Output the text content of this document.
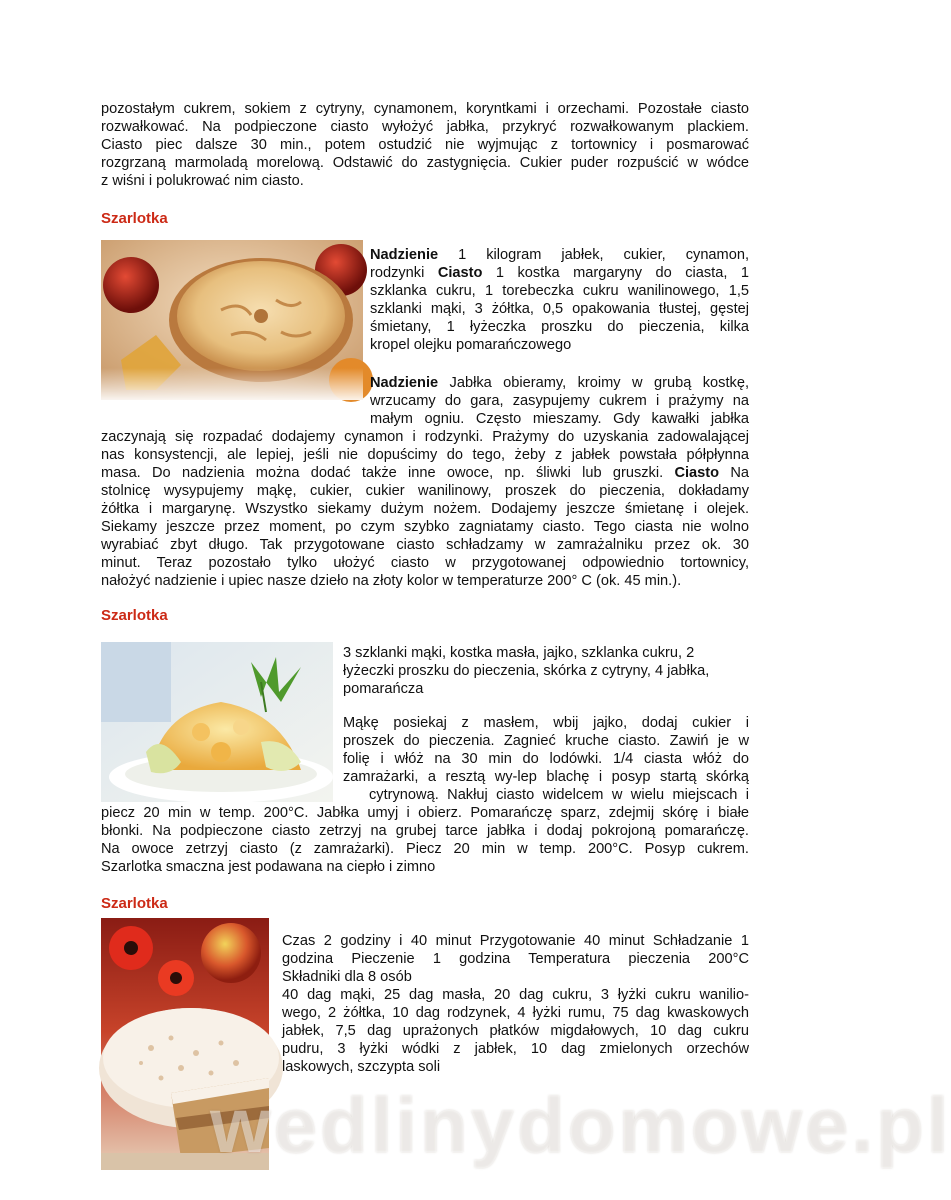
pozostałym cukrem, sokiem z cytryny, cynamonem, koryntkami i orzechami. Pozostałe ciasto
rozwałkować. Na podpieczone ciasto wyłożyć jabłka, przykryć rozwałkowanym plackiem.
Ciasto piec dalsze 30 min., potem ostudzić nie wyjmując z tortownicy i posmarować
rozgrzaną marmoladą morelową. Odstawić do zastygnięcia. Cukier puder rozpuścić w wódce
z wiśni i polukrować nim ciasto.
Szarlotka
Nadzienie 1 kilogram jabłek, cukier, cynamon,
rodzynki Ciasto 1 kostka margaryny do ciasta, 1
szklanka cukru, 1 torebeczka cukru wanilinowego, 1,5
szklanki mąki, 3 żółtka, 0,5 opakowania tłustej, gęstej
śmietany, 1 łyżeczka proszku do pieczenia, kilka
kropel olejku pomarańczowego
Nadzienie Jabłka obieramy, kroimy w grubą kostkę,
wrzucamy do gara, zasypujemy cukrem i prażymy na
małym ogniu. Często mieszamy. Gdy kawałki jabłka
zaczynają się rozpadać dodajemy cynamon i rodzynki. Prażymy do uzyskania zadowalającej
nas konsystencji, ale lepiej, jeśli nie dopuścimy do tego, żeby z jabłek powstała półpłynna
masa. Do nadzienia można dodać także inne owoce, np. śliwki lub gruszki. Ciasto Na
stolnicę wysypujemy mąkę, cukier, cukier wanilinowy, proszek do pieczenia, dokładamy
żółtka i margarynę. Wszystko siekamy dużym nożem. Dodajemy jeszcze śmietanę i olejek.
Siekamy jeszcze przez moment, po czym szybko zagniatamy ciasto. Tego ciasta nie wolno
wyrabiać zbyt długo. Tak przygotowane ciasto schładzamy w zamrażalniku przez ok. 30
minut. Teraz pozostało tylko ułożyć ciasto w przygotowanej odpowiednio tortownicy,
nałożyć nadzienie i upiec nasze dzieło na złoty kolor w temperaturze 200° C (ok. 45 min.).
Szarlotka
3 szklanki mąki, kostka masła, jajko, szklanka cukru, 2
łyżeczki proszku do pieczenia, skórka z cytryny, 4 jabłka,
pomarańcza
Mąkę posiekaj z masłem, wbij jajko, dodaj cukier i
proszek do pieczenia. Zagnieć kruche ciasto. Zawiń je w
folię i włóż na 30 min do lodówki. 1/4 ciasta włóż do
zamrażarki, a resztą wy-lep blachę i posyp startą skórką
cytrynową. Nakłuj ciasto widelcem w wielu miejscach i
piecz 20 min w temp. 200°C. Jabłka umyj i obierz. Pomarańczę sparz, zdejmij skórę i białe
błonki. Na podpieczone ciasto zetrzyj na grubej tarce jabłka i dodaj pokrojoną pomarańczę.
Na owoce zetrzyj ciasto (z zamrażarki). Piecz 20 min w temp. 200°C. Posyp cukrem.
Szarlotka smaczna jest podawana na ciepło i zimno
Szarlotka
Czas 2 godziny i 40 minut Przygotowanie 40 minut Schładzanie 1
godzina Pieczenie 1 godzina Temperatura pieczenia 200°C
Składniki dla 8 osób
40 dag mąki, 25 dag masła, 20 dag cukru, 3 łyżki cukru wanilio-
wego, 2 żółtka, 10 dag rodzynek, 4 łyżki rumu, 75 dag kwaskowych
jabłek, 7,5 dag uprażonych płatków migdałowych, 10 dag cukru
pudru, 3 łyżki wódki z jabłek, 10 dag zmielonych orzechów
laskowych, szczypta soli
wedlinydomowe.pl
